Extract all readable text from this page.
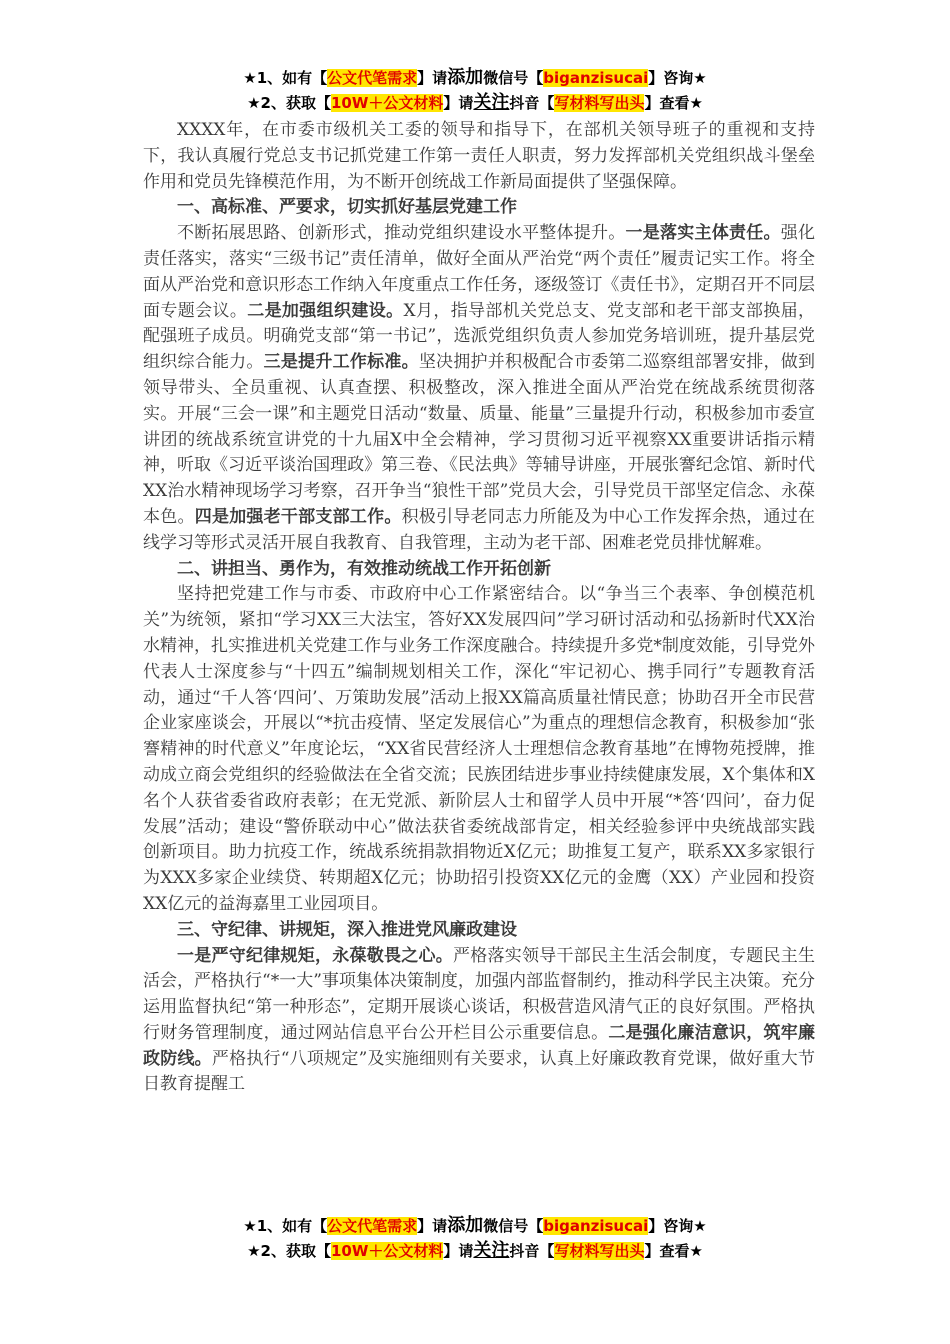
★1、如有【公文代笔需求】请添加微信号【biganzisucai】咨询★
★2、获取【10W＋公文材料】请关注抖音【写材料写出头】查看★

XXXX年，在市委市级机关工委的领导和指导下，在部机关领导班子的重视和支持下，我认真履行党总支书记抓党建工作第一责任人职责，努力发挥部机关党组织战斗堡垒作用和党员先锋模范作用，为不断开创统战工作新局面提供了坚强保障。

一、高标准、严要求，切实抓好基层党建工作

不断拓展思路、创新形式，推动党组织建设水平整体提升。一是落实主体责任。强化责任落实，落实“三级书记”责任清单，做好全面从严治党“两个责任”履责记实工作。将全面从严治党和意识形态工作纳入年度重点工作任务，逐级签订《责任书》，定期召开不同层面专题会议。二是加强组织建设。X月，指导部机关党总支、党支部和老干部支部换届，配强班子成员。明确党支部“第一书记”，选派党组织负责人参加党务培训班，提升基层党组织综合能力。三是提升工作标准。坚决拥护并积极配合市委第二巡察组部署安排，做到领导带头、全员重视、认真查摆、积极整改，深入推进全面从严治党在统战系统贯彻落实。开展“三会一课”和主题党日活动“数量、质量、能量”三量提升行动，积极参加市委宣讲团的统战系统宣讲党的十九届X中全会精神，学习贯彻习近平视察XX重要讲话指示精神，听取《习近平谈治国理政》第三卷、《民法典》等辅导讲座，开展张謇纪念馆、新时代XX治水精神现场学习考察，召开争当“狼性干部”党员大会，引导党员干部坚定信念、永葆本色。四是加强老干部支部工作。积极引导老同志力所能及为中心工作发挥余热，通过在线学习等形式灵活开展自我教育、自我管理，主动为老干部、困难老党员排忧解难。

二、讲担当、勇作为，有效推动统战工作开拓创新

坚持把党建工作与市委、市政府中心工作紧密结合。以“争当三个表率、争创模范机关”为统领，紧扣“学习XX三大法宝，答好XX发展四问”学习研讨活动和弘扬新时代XX治水精神，扎实推进机关党建工作与业务工作深度融合。持续提升多党*制度效能，引导党外代表人士深度参与“十四五”编制规划相关工作，深化“牢记初心、携手同行”专题教育活动，通过“千人答‘四问’、万策助发展”活动上报XX篇高质量社情民意；协助召开全市民营企业家座谈会，开展以“*抗击疫情、坚定发展信心”为重点的理想信念教育，积极参加“张謇精神的时代意义”年度论坛，“XX省民营经济人士理想信念教育基地”在博物苑授牌，推动成立商会党组织的经验做法在全省交流；民族团结进步事业持续健康发展，X个集体和X名个人获省委省政府表彰；在无党派、新阶层人士和留学人员中开展“*答‘四问’，奋力促发展”活动；建设“警侨联动中心”做法获省委统战部肯定，相关经验参评中央统战部实践创新项目。助力抗疫工作，统战系统捐款捐物近X亿元；助推复工复产，联系XX多家银行为XXX多家企业续贷、转期超X亿元；协助招引投资XX亿元的金鹰（XX）产业园和投资XX亿元的益海嘉里工业园项目。

三、守纪律、讲规矩，深入推进党风廉政建设

一是严守纪律规矩，永葆敬畏之心。严格落实领导干部民主生活会制度，专题民主生活会，严格执行“*一大”事项集体决策制度，加强内部监督制约，推动科学民主决策。充分运用监督执纪“第一种形态”，定期开展谈心谈话，积极营造风清气正的良好氛围。严格执行财务管理制度，通过网站信息平台公开栏目公示重要信息。二是强化廉洁意识，筑牢廉政防线。严格执行“八项规定”及实施细则有关要求，认真上好廉政教育党课，做好重大节日教育提醒工

★1、如有【公文代笔需求】请添加微信号【biganzisucai】咨询★
★2、获取【10W＋公文材料】请关注抖音【写材料写出头】查看★
